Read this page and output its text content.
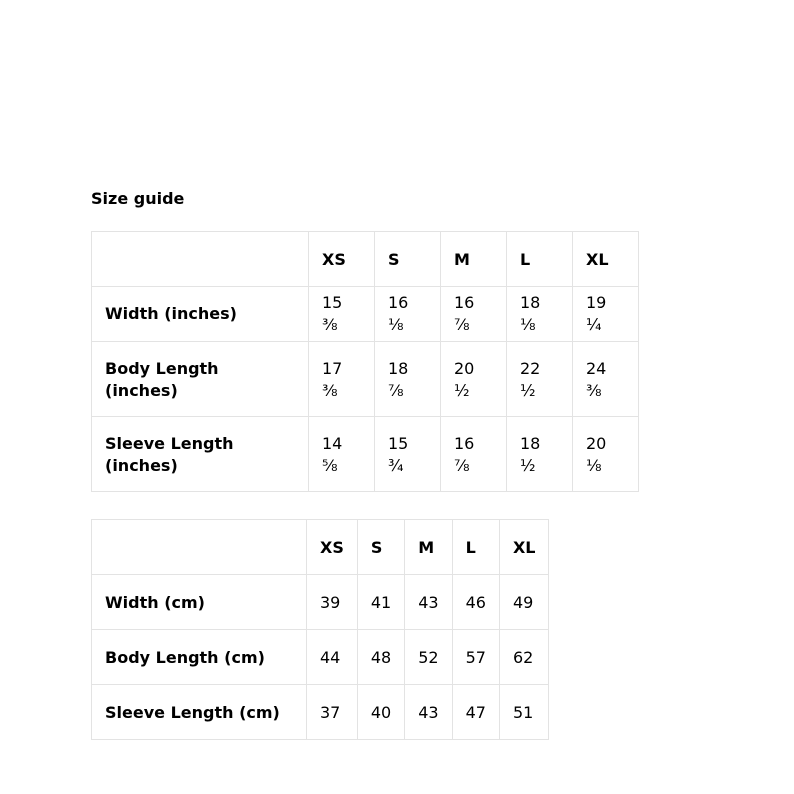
Size guide
	XS	S	M	L	XL

Width (inches)	15 ⅜	16 ⅛	16 ⅞	18 ⅛	19 ¼

Body Length (inches)	17 ⅜	18 ⅞	20 ½	22 ½	24 ⅜

Sleeve Length (inches)	14 ⅝	15 ¾	16 ⅞	18 ½	20 ⅛
	XS	S	M	L	XL
Width (cm)	39	41	43	46	49
Body Length (cm)	44	48	52	57	62
Sleeve Length (cm)	37	40	43	47	51
